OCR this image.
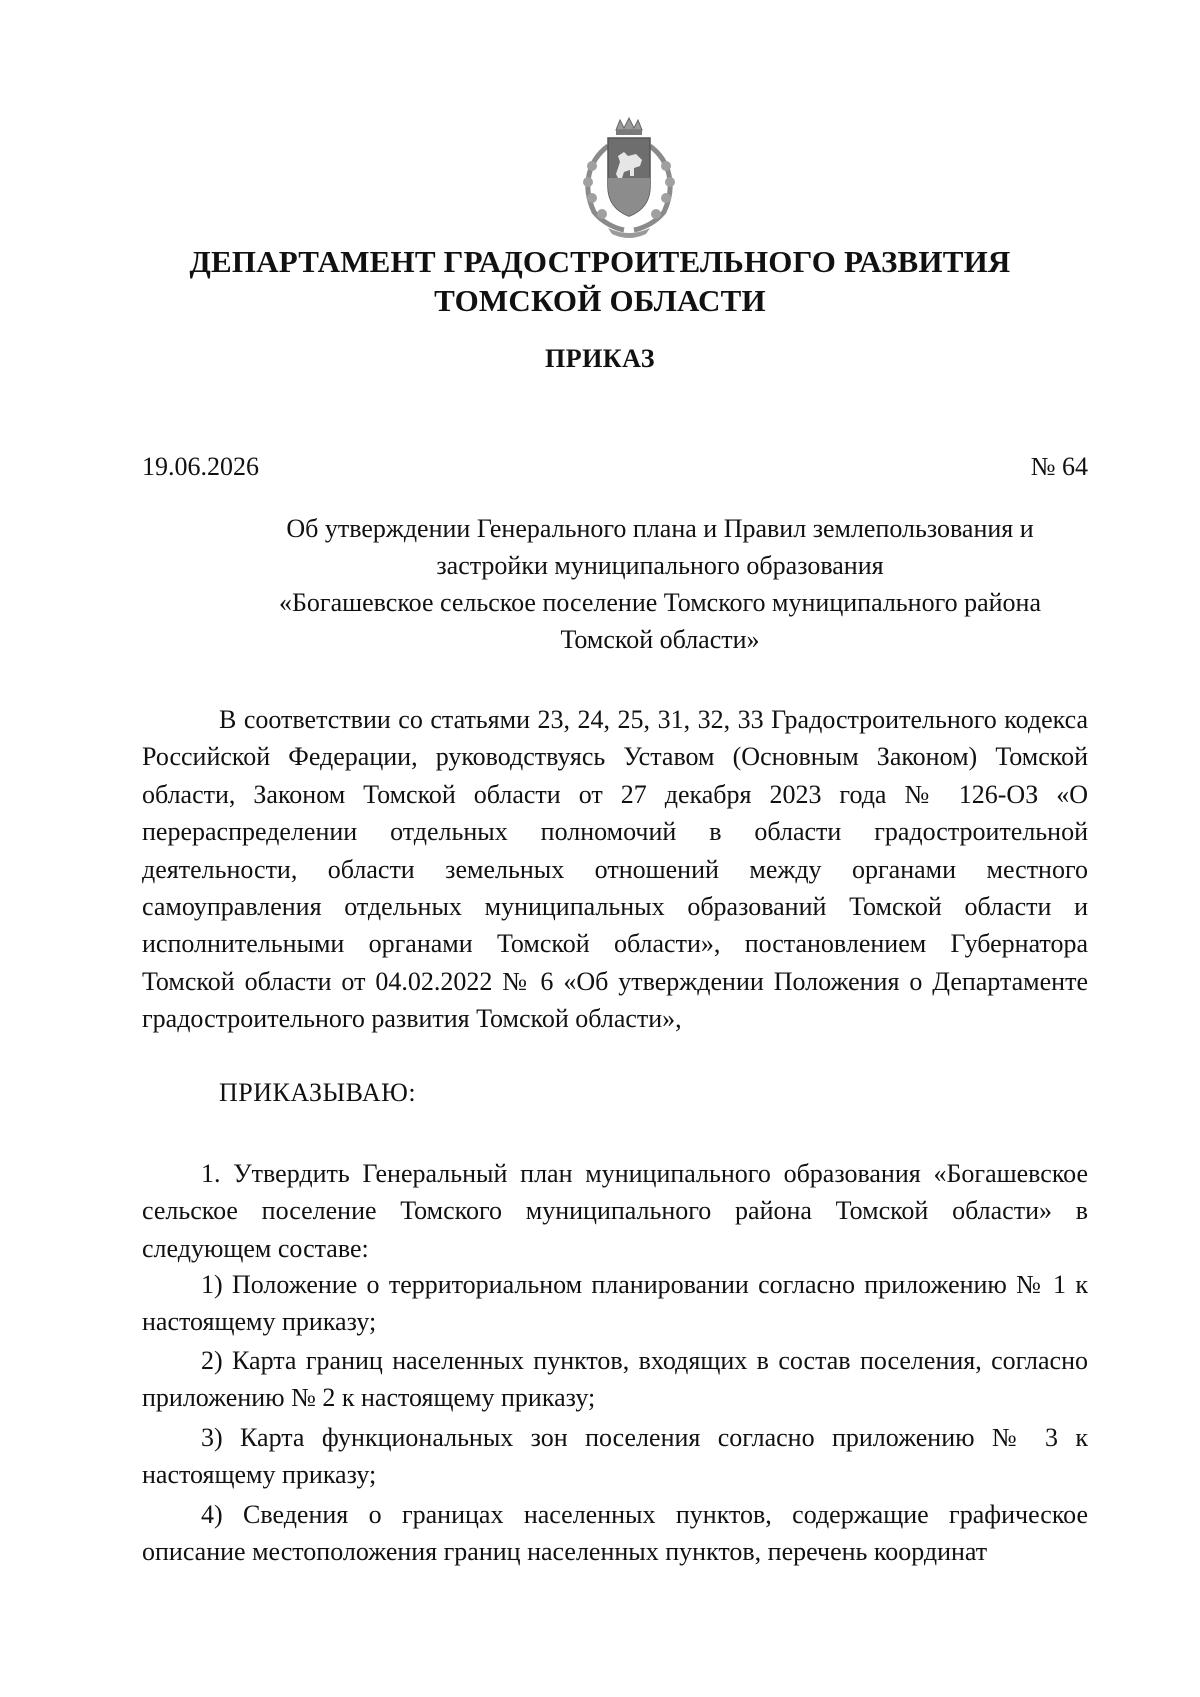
ДЕПАРТАМЕНТ ГРАДОСТРОИТЕЛЬНОГО РАЗВИТИЯ
ТОМСКОЙ ОБЛАСТИ
ПРИКАЗ
19.06.2026	№ 64
Об утверждении Генерального плана и Правил землепользования и
застройки муниципального образования
«Богашевское сельское поселение Томского муниципального района
Томской области»
В соответствии со статьями 23, 24, 25, 31, 32, 33 Градостроительного кодекса Российской Федерации, руководствуясь Уставом (Основным Законом) Томской области, Законом Томской области от 27 декабря 2023 года № 126-ОЗ «О перераспределении отдельных полномочий в области градостроительной деятельности, области земельных отношений между органами местного самоуправления отдельных муниципальных образований Томской области и исполнительными органами Томской области», постановлением Губернатора Томской области от 04.02.2022 № 6 «Об утверждении Положения о Департаменте градостроительного развития Томской области»,
ПРИКАЗЫВАЮ:
1. Утвердить Генеральный план муниципального образования «Богашевское сельское поселение Томского муниципального района Томской области» в следующем составе:
1) Положение о территориальном планировании согласно приложению № 1 к настоящему приказу;
2) Карта границ населенных пунктов, входящих в состав поселения, согласно приложению № 2 к настоящему приказу;
3) Карта функциональных зон поселения согласно приложению № 3 к настоящему приказу;
4) Сведения о границах населенных пунктов, содержащие графическое описание местоположения границ населенных пунктов, перечень координат
